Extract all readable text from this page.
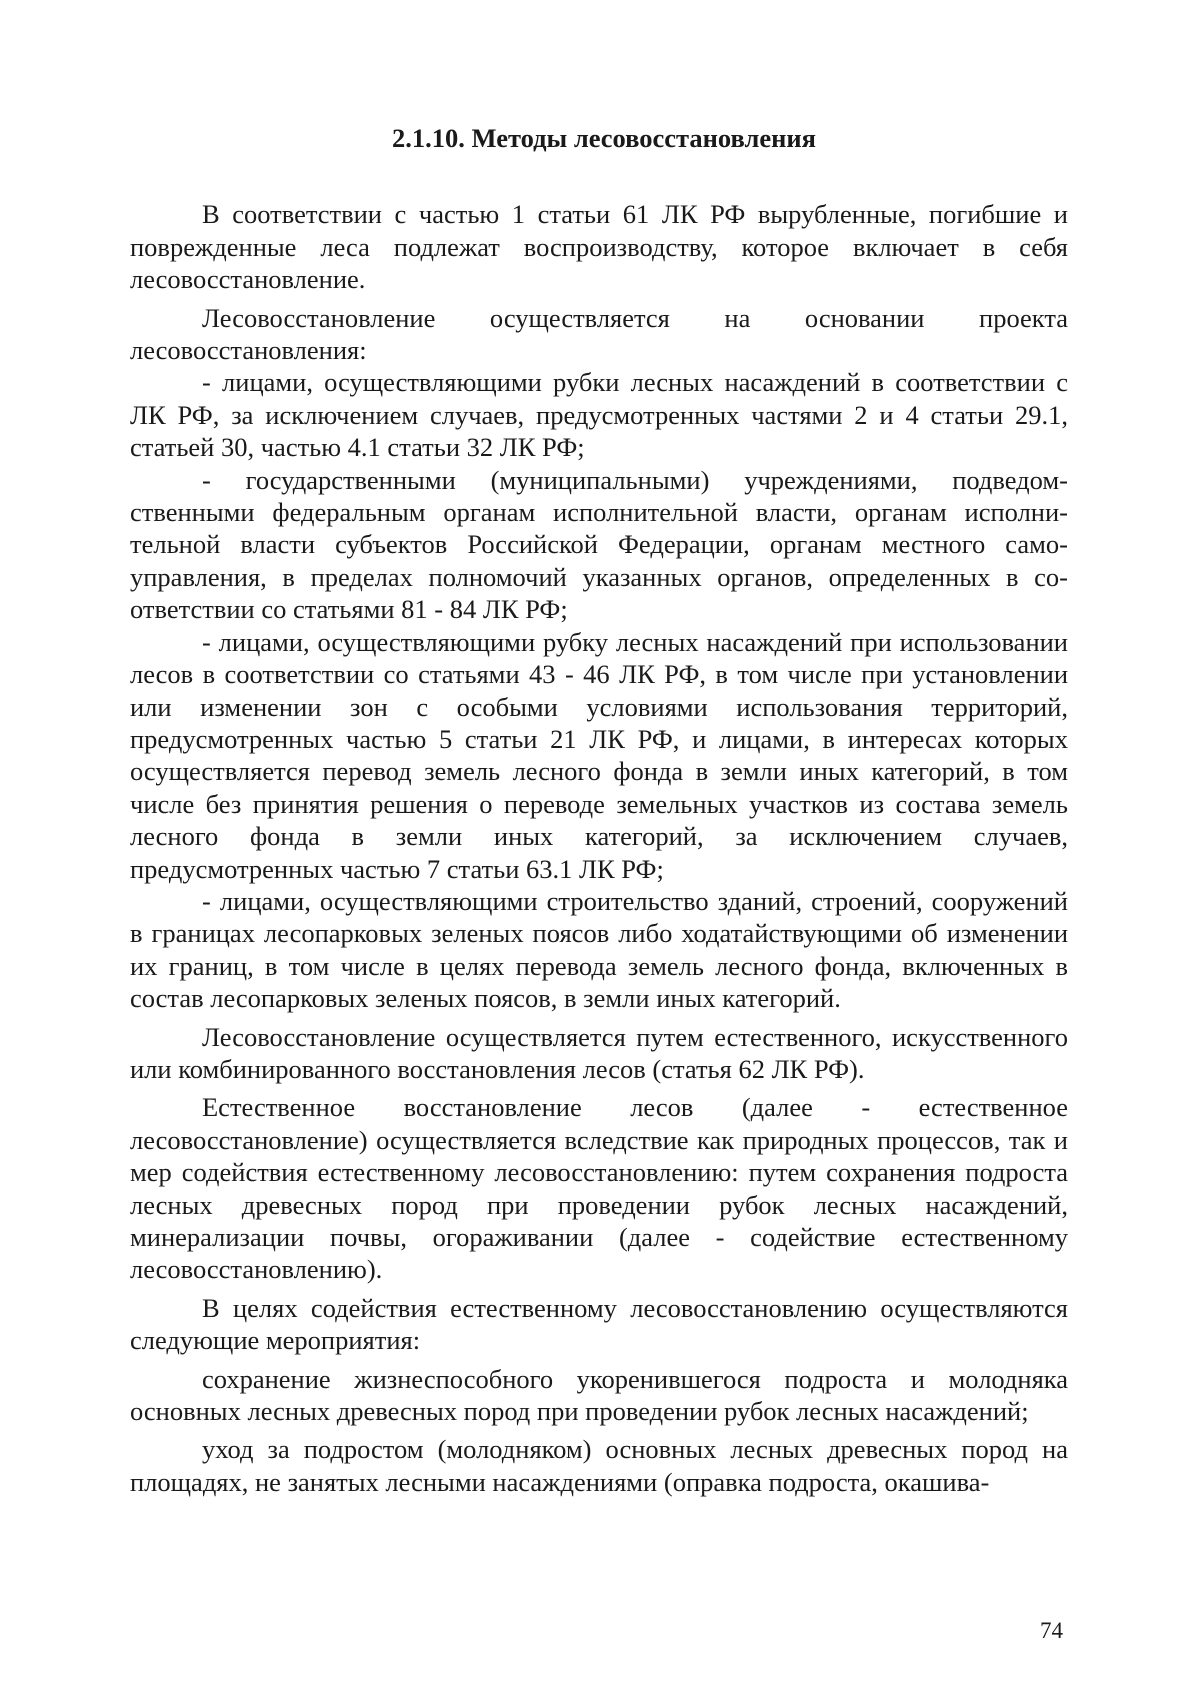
2.1.10. Методы лесовосстановления

В соответствии с частью 1 статьи 61 ЛК РФ вырубленные, погибшие и поврежденные леса подлежат воспроизводству, которое включает в себя лесовосстановление.

Лесовосстановление осуществляется на основании проекта лесовосстановления:

- лицами, осуществляющими рубки лесных насаждений в соответствии с ЛК РФ, за исключением случаев, предусмотренных частями 2 и 4 статьи 29.1, статьей 30, частью 4.1 статьи 32 ЛК РФ;

- государственными (муниципальными) учреждениями, подведомственными федеральным органам исполнительной власти, органам исполнительной власти субъектов Российской Федерации, органам местного самоуправления, в пределах полномочий указанных органов, определенных в соответствии со статьями 81 - 84 ЛК РФ;

- лицами, осуществляющими рубку лесных насаждений при использовании лесов в соответствии со статьями 43 - 46 ЛК РФ, в том числе при установлении или изменении зон с особыми условиями использования территорий, предусмотренных частью 5 статьи 21 ЛК РФ, и лицами, в интересах которых осуществляется перевод земель лесного фонда в земли иных категорий, в том числе без принятия решения о переводе земельных участков из состава земель лесного фонда в земли иных категорий, за исключением случаев, предусмотренных частью 7 статьи 63.1 ЛК РФ;

- лицами, осуществляющими строительство зданий, строений, сооружений в границах лесопарковых зеленых поясов либо ходатайствующими об изменении их границ, в том числе в целях перевода земель лесного фонда, включенных в состав лесопарковых зеленых поясов, в земли иных категорий.

Лесовосстановление осуществляется путем естественного, искусственного или комбинированного восстановления лесов (статья 62 ЛК РФ).

Естественное восстановление лесов (далее - естественное лесовосстановление) осуществляется вследствие как природных процессов, так и мер содействия естественному лесовосстановлению: путем сохранения подроста лесных древесных пород при проведении рубок лесных насаждений, минерализации почвы, огораживании (далее - содействие естественному лесовосстановлению).

В целях содействия естественному лесовосстановлению осуществляются следующие мероприятия:

сохранение жизнеспособного укоренившегося подроста и молодняка основных лесных древесных пород при проведении рубок лесных насаждений;

уход за подростом (молодняком) основных лесных древесных пород на площадях, не занятых лесными насаждениями (оправка подроста, окашива-

74
